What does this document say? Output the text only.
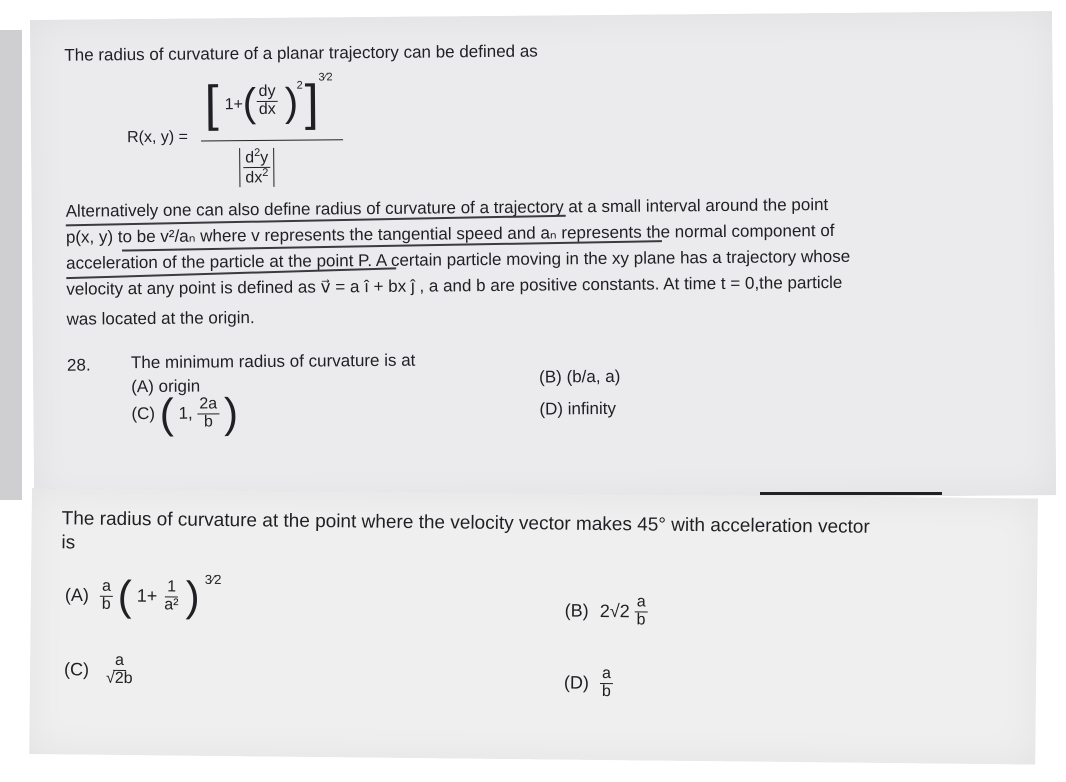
The radius of curvature of a planar trajectory can be defined as
R(x, y) =
[ 1+ ( $\frac{dy}{dx}$ )
2 ] 3⁄2
$\frac{d^2y}{dx^2}$
Alternatively one can also define radius of curvature of a trajectory at a small interval around the point
p(x, y) to be v²/aₙ where v represents the tangential speed and aₙ represents the normal component of
acceleration of the particle at the point P. A certain particle moving in the xy plane has a trajectory whose
velocity at any point is defined as v⃗ = a î + bx ĵ , a and b are positive constants. At time t = 0,the particle
was located at the origin.
28. The minimum radius of curvature is at
(A) origin	(B) (b/a, a)
(C) ( 1, $\frac{2a}{b}$ )	(D) infinity
The radius of curvature at the point where the velocity vector makes 45° with acceleration vector
is
$(A) \frac{a}{b}$ ( $1+ \frac{1}{\text{a²}}$ ) $^{3⁄2}$
(B) $2√2 \frac{a}{b}$
$(C) \frac{a}{√2b}$	$(D) \frac{a}{b}$
